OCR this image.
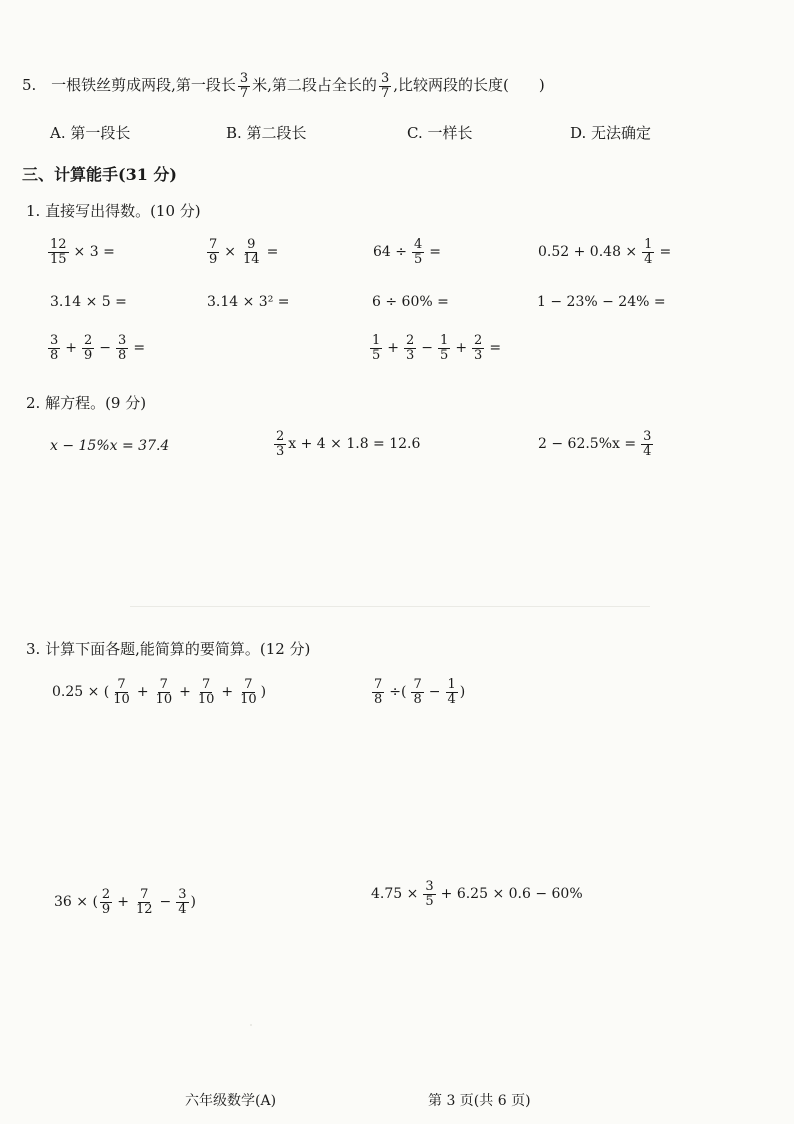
5. 一根铁丝剪成两段,第一段长 $\frac{3}{7}$ 米,第二段占全长的 $\frac{3}{7}$ ,比较两段的长度( )
A. 第一段长	B. 第二段长	C. 一样长	D. 无法确定
三、计算能手(31 分)
1. 直接写出得数。(10 分)
$\frac{12}{15} \times 3$ =	$\frac{7}{9} \times \frac{9}{14}$ =	$64 \div \frac{4}{5}$ =	$0.52 + 0.48 \times \frac{1}{4}$ =
3.14 × 5 =	3.14 × 3² =	6 ÷ 60% =	1 − 23% − 24% =
$\frac{3}{8} + \frac{2}{9} - \frac{3}{8}$ =	$\frac{1}{5} + \frac{2}{3} - \frac{1}{5} + \frac{2}{3}$ =
2. 解方程。(9 分)
x − 15%x = 37.4	$\frac{2}{3}$ x + 4 × 1.8 = 12.6	$2 - 62.5\%x = \frac{3}{4}$
3. 计算下面各题,能简算的要简算。(12 分)
0.25 × ( $\frac{7}{10} + \frac{7}{10} + \frac{7}{10} + \frac{7}{10}$ )	$\frac{7}{8}$ ÷( $\frac{7}{8} - \frac{1}{4}$ )
36 × ( $\frac{2}{9} + \frac{7}{12} - \frac{3}{4}$ )	$4.75 \times \frac{3}{5} + 6.25 \times 0.6 - 60\%$
六年级数学(A)	第 3 页(共 6 页)
